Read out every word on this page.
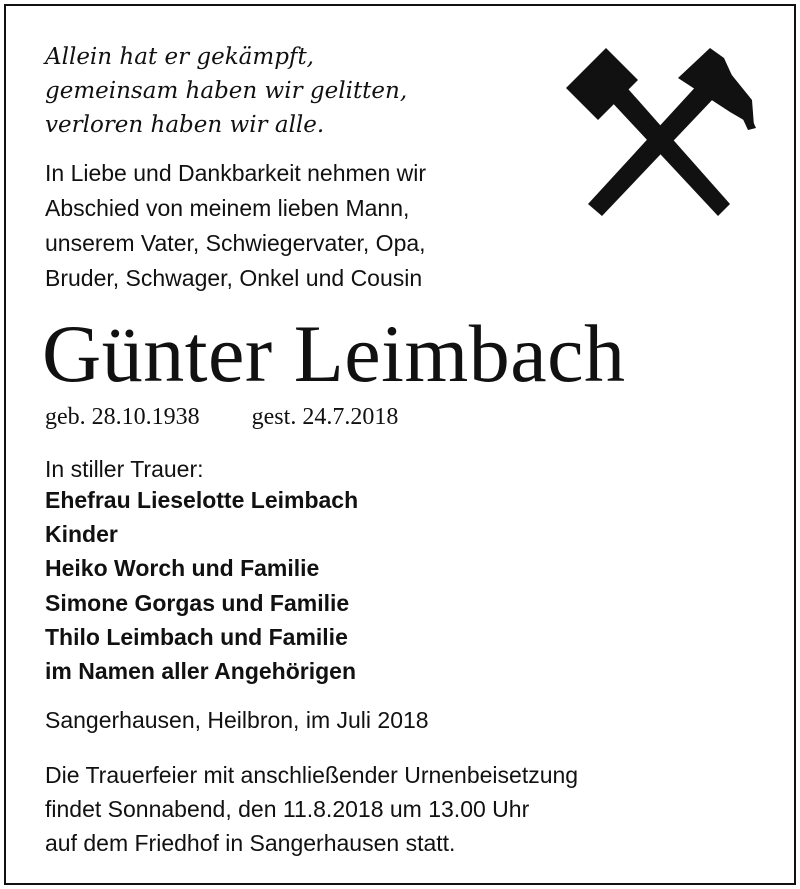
Allein hat er gekämpft,
gemeinsam haben wir gelitten,
verloren haben wir alle.

In Liebe und Dankbarkeit nehmen wir
Abschied von meinem lieben Mann,
unserem Vater, Schwiegervater, Opa,
Bruder, Schwager, Onkel und Cousin

Günter Leimbach
geb. 28.10.1938 gest. 24.7.2018
In stiller Trauer:
Ehefrau Lieselotte Leimbach
Kinder
Heiko Worch und Familie
Simone Gorgas und Familie
Thilo Leimbach und Familie
im Namen aller Angehörigen
Sangerhausen, Heilbron, im Juli 2018

Die Trauerfeier mit anschließender Urnenbeisetzung
findet Sonnabend, den 11.8.2018 um 13.00 Uhr
auf dem Friedhof in Sangerhausen statt.
